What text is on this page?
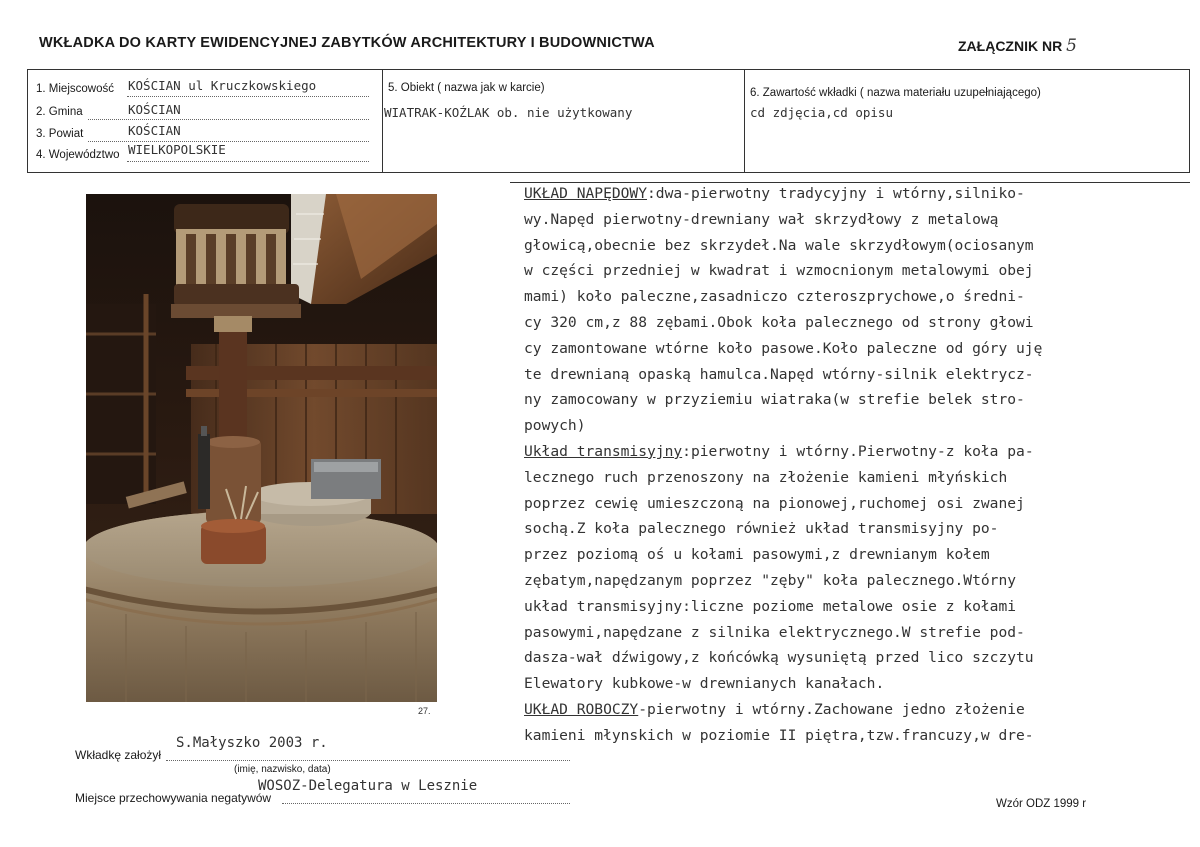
WKŁADKA DO KARTY EWIDENCYJNEJ ZABYTKÓW ARCHITEKTURY I BUDOWNICTWA	ZAŁĄCZNIK NR 5
1. Miejscowość KOŚCIAN ul Kruczkowskiego
2. Gmina	KOŚCIAN
3. Powiat	KOŚCIAN
4. Województwo WIELKOPOLSKIE
5. Obiekt ( nazwa jak w karcie)
WIATRAK-KOŹLAK ob. nie użytkowany
6. Zawartość wkładki ( nazwa materiału uzupełniającego)
cd zdjęcia,cd opisu
27.
UKŁAD NAPĘDOWY:dwa-pierwotny tradycyjny i wtórny,silniko-
wy.Napęd pierwotny-drewniany wał skrzydłowy z metalową
głowicą,obecnie bez skrzydeł.Na wale skrzydłowym(ociosanym
w części przedniej w kwadrat i wzmocnionym metalowymi obej
mami) koło paleczne,zasadniczo czteroszprychowe,o średni-
cy 320 cm,z 88 zębami.Obok koła palecznego od strony głowi
cy zamontowane wtórne koło pasowe.Koło paleczne od góry uję
te drewnianą opaską hamulca.Napęd wtórny-silnik elektrycz-
ny zamocowany w przyziemiu wiatraka(w strefie belek stro-
powych)
Układ transmisyjny:pierwotny i wtórny.Pierwotny-z koła pa-
lecznego ruch przenoszony na złożenie kamieni młyńskich
poprzez cewię umieszczoną na pionowej,ruchomej osi zwanej
sochą.Z koła palecznego również układ transmisyjny po-
przez poziomą oś u kołami pasowymi,z drewnianym kołem
zębatym,napędzanym poprzez "zęby" koła palecznego.Wtórny
układ transmisyjny:liczne poziome metalowe osie z kołami
pasowymi,napędzane z silnika elektrycznego.W strefie pod-
dasza-wał dźwigowy,z końcówką wysuniętą przed lico szczytu
Elewatory kubkowe-w drewnianych kanałach.
UKŁAD ROBOCZY-pierwotny i wtórny.Zachowane jedno złożenie
kamieni młynskich w poziomie II piętra,tzw.francuzy,w dre-
S.Małyszko 2003 r.
Wkładkę założył
(imię, nazwisko, data)
WOSOZ-Delegatura w Lesznie
Miejsce przechowywania negatywów	Wzór ODZ 1999 r
